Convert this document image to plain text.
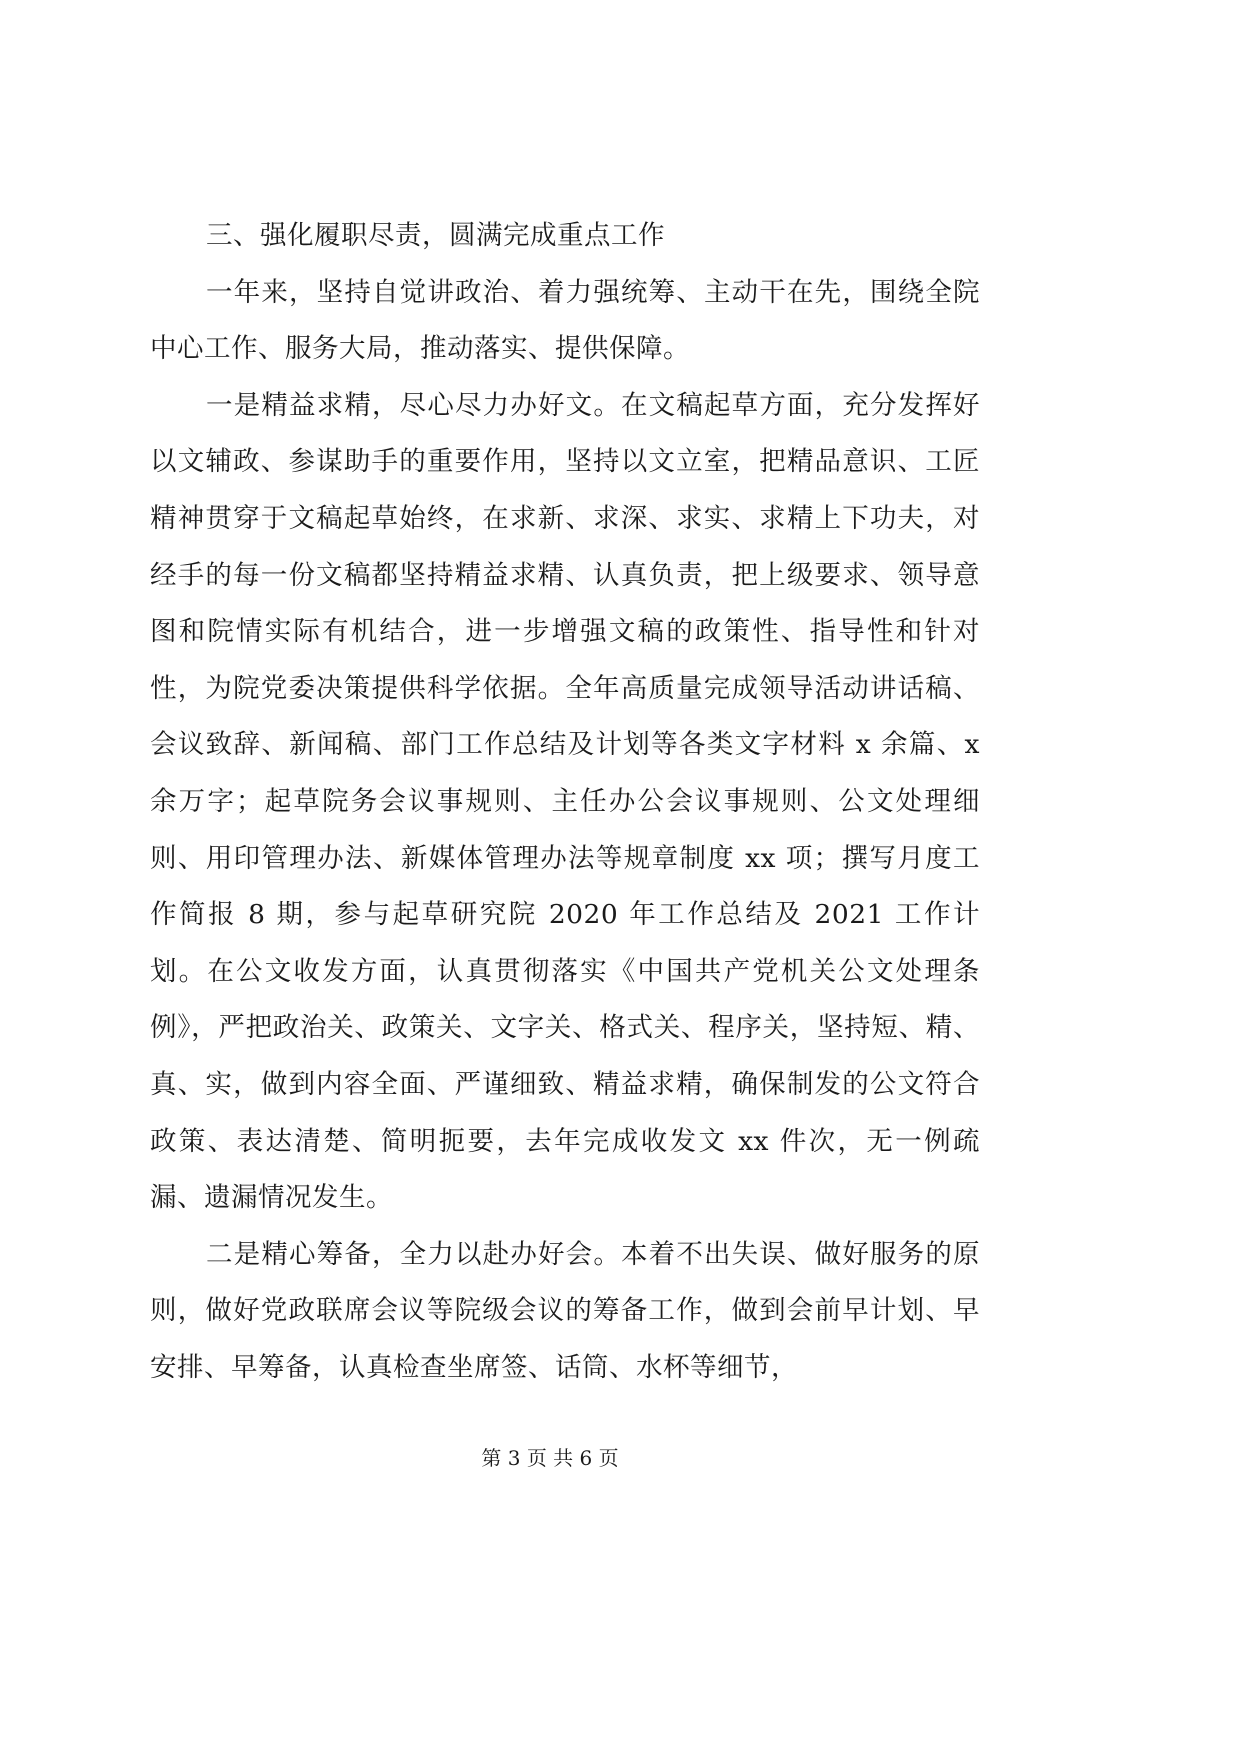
三、强化履职尽责，圆满完成重点工作

一年来，坚持自觉讲政治、着力强统筹、主动干在先，围绕全院中心工作、服务大局，推动落实、提供保障。

一是精益求精，尽心尽力办好文。在文稿起草方面，充分发挥好以文辅政、参谋助手的重要作用，坚持以文立室，把精品意识、工匠精神贯穿于文稿起草始终，在求新、求深、求实、求精上下功夫，对经手的每一份文稿都坚持精益求精、认真负责，把上级要求、领导意图和院情实际有机结合，进一步增强文稿的政策性、指导性和针对性，为院党委决策提供科学依据。全年高质量完成领导活动讲话稿、会议致辞、新闻稿、部门工作总结及计划等各类文字材料 x 余篇、x 余万字；起草院务会议事规则、主任办公会议事规则、公文处理细则、用印管理办法、新媒体管理办法等规章制度 xx 项；撰写月度工作简报 8 期，参与起草研究院 2020 年工作总结及 2021 工作计划。在公文收发方面，认真贯彻落实《中国共产党机关公文处理条例》，严把政治关、政策关、文字关、格式关、程序关，坚持短、精、真、实，做到内容全面、严谨细致、精益求精，确保制发的公文符合政策、表达清楚、简明扼要，去年完成收发文 xx 件次，无一例疏漏、遗漏情况发生。

二是精心筹备，全力以赴办好会。本着不出失误、做好服务的原则，做好党政联席会议等院级会议的筹备工作，做到会前早计划、早安排、早筹备，认真检查坐席签、话筒、水杯等细节，

第 3 页 共 6 页
